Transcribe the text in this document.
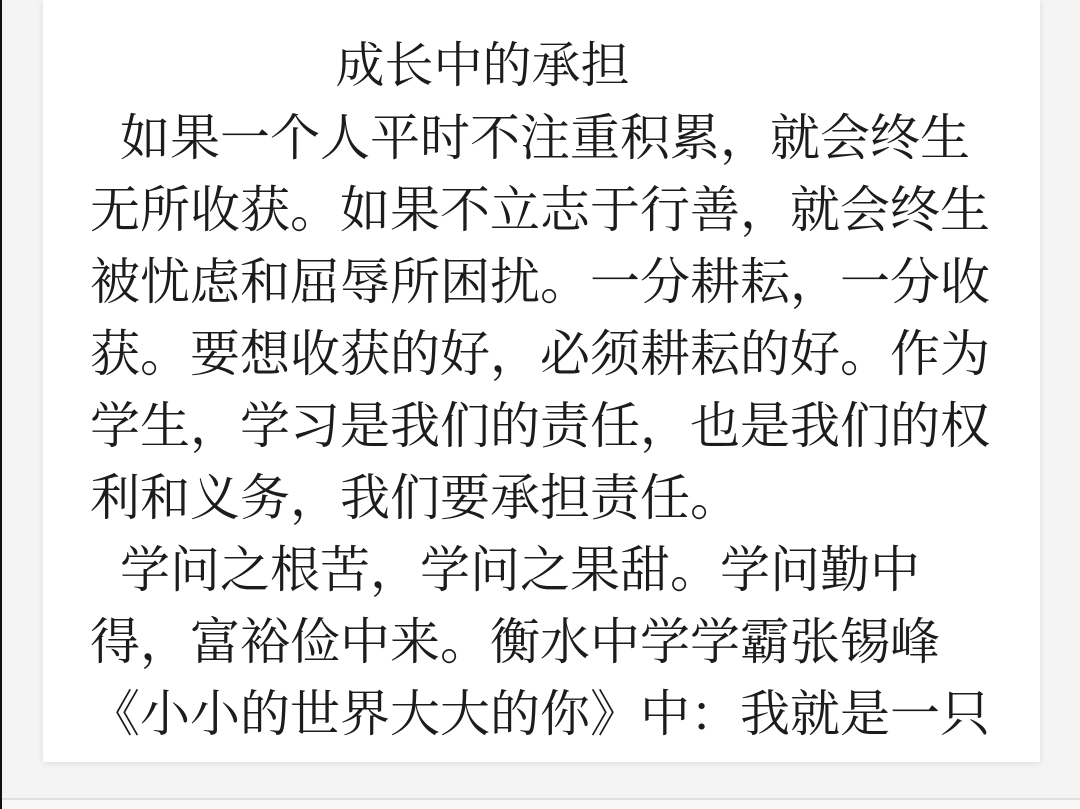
成长中的承担
如果一个人平时不注重积累，就会终生
无所收获。如果不立志于行善，就会终生
被忧虑和屈辱所困扰。一分耕耘，一分收
获。要想收获的好，必须耕耘的好。作为
学生，学习是我们的责任，也是我们的权
利和义务，我们要承担责任。
学问之根苦，学问之果甜。学问勤中
得，富裕俭中来。衡水中学学霸张锡峰
《小小的世界大大的你》中：我就是一只
